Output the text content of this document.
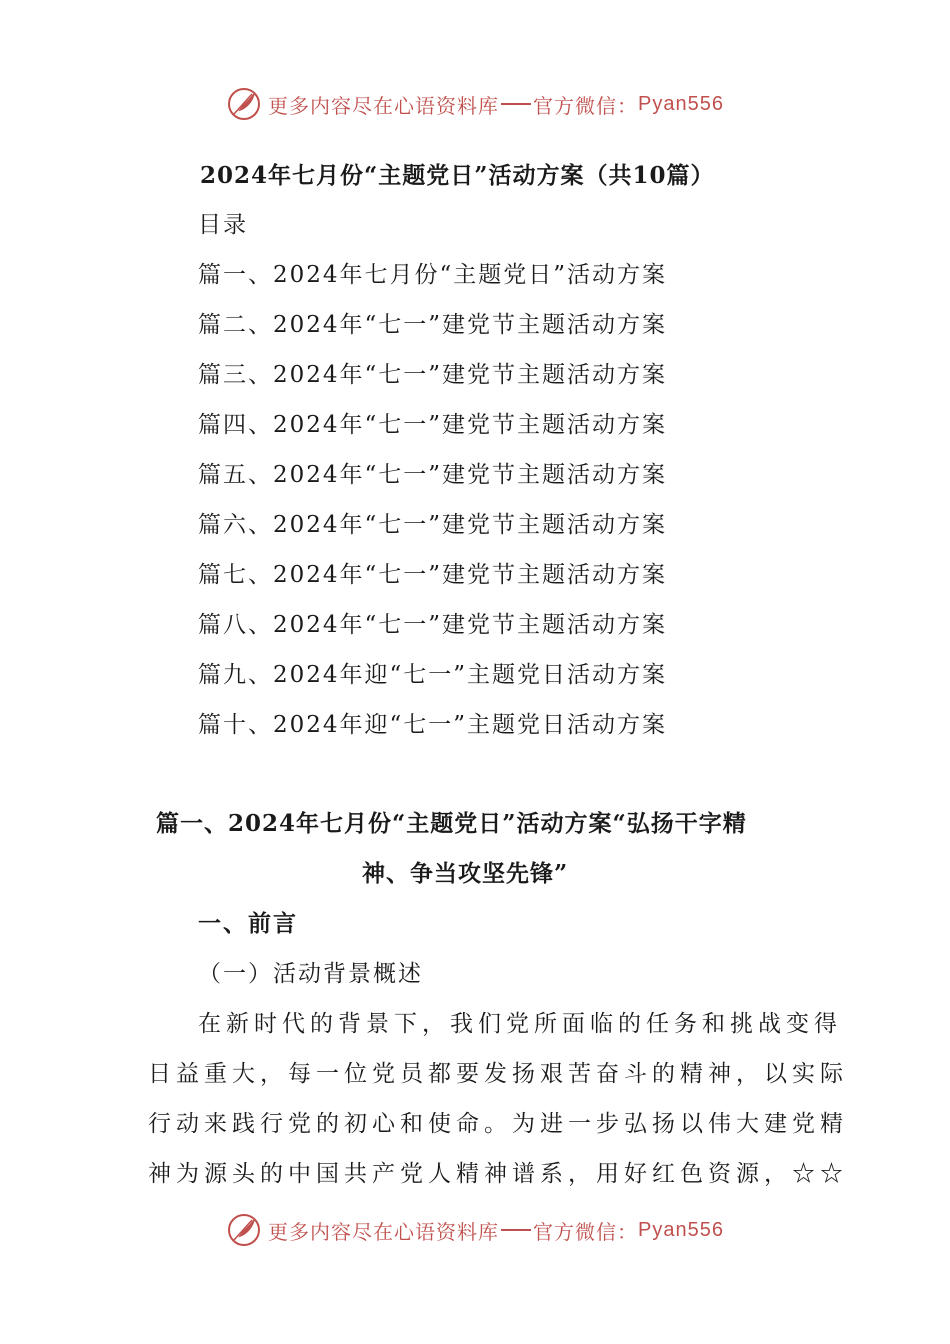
更多内容尽在心语资料库 官方微信： Pyan556
2024年七月份“主题党日”活动方案（共10篇）
目录
篇一、2024年七月份“主题党日”活动方案
篇二、2024年“七一”建党节主题活动方案
篇三、2024年“七一”建党节主题活动方案
篇四、2024年“七一”建党节主题活动方案
篇五、2024年“七一”建党节主题活动方案
篇六、2024年“七一”建党节主题活动方案
篇七、2024年“七一”建党节主题活动方案
篇八、2024年“七一”建党节主题活动方案
篇九、2024年迎“七一”主题党日活动方案
篇十、2024年迎“七一”主题党日活动方案
篇一、2024年七月份“主题党日”活动方案“弘扬干字精
神、争当攻坚先锋”
一、前言
（一）活动背景概述
在新时代的背景下，我们党所面临的任务和挑战变得
日益重大，每一位党员都要发扬艰苦奋斗的精神，以实际
行动来践行党的初心和使命。为进一步弘扬以伟大建党精
神为源头的中国共产党人精神谱系，用好红色资源，☆☆
更多内容尽在心语资料库 官方微信： Pyan556
